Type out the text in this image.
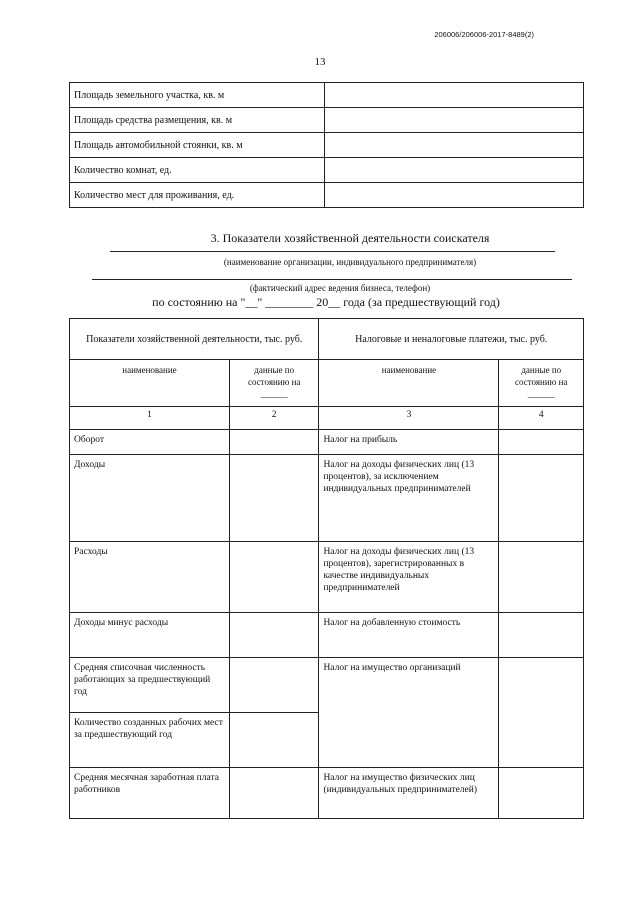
206006/206006-2017-8489(2)
13
Площадь земельного участка, кв. м	
Площадь средства размещения, кв. м	
Площадь автомобильной стоянки, кв. м	
Количество комнат, ед.	
Количество мест для проживания, ед.	
3. Показатели хозяйственной деятельности соискателя
(наименование организации, индивидуального предпринимателя)
(фактический адрес ведения бизнеса, телефон)
по состоянию на "__" ________ 20__ года (за предшествующий год)
Показатели хозяйственной деятельности, тыс. руб.		Налоговые и неналоговые платежи, тыс. руб.	
наименование	данные по состоянию на ______	наименование	данные по состоянию на ______
1	2	3	4
Оборот		Налог на прибыль	
Доходы		Налог на доходы физических лиц (13 процентов), за исключением индивидуальных предпринимателей	
Расходы		Налог на доходы физических лиц (13 процентов), зарегистрированных в качестве индивидуальных предпринимателей	
Доходы минус расходы		Налог на добавленную стоимость	
Средняя списочная численность работающих за предшествующий год		Налог на имущество организаций	
Количество созданных рабочих мест за предшествующий год			
Средняя месячная заработная плата работников		Налог на имущество физических лиц (индивидуальных предпринимателей)	
